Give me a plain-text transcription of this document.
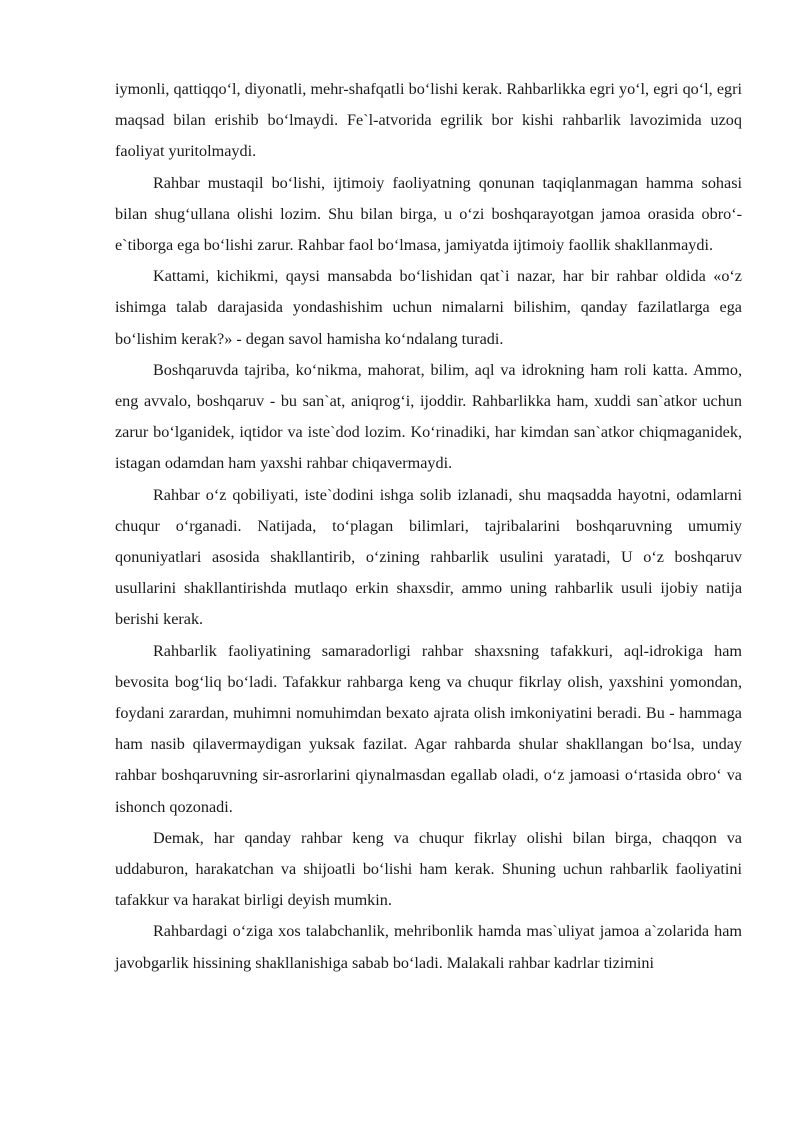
iymonli, qattiqqo‘l, diyonatli, mehr-shafqatli bo‘lishi kerak. Rahbarlikka egri yo‘l, egri qo‘l, egri maqsad bilan erishib bo‘lmaydi. Fe`l-atvorida egrilik bor kishi rahbarlik lavozimida uzoq faoliyat yuritolmaydi.

Rahbar mustaqil bo‘lishi, ijtimoiy faoliyatning qonunan taqiqlanmagan hamma sohasi bilan shug‘ullana olishi lozim. Shu bilan birga, u o‘zi boshqarayotgan jamoa orasida obro‘-e`tiborga ega bo‘lishi zarur. Rahbar faol bo‘lmasa, jamiyatda ijtimoiy faollik shakllanmaydi.

Kattami, kichikmi, qaysi mansabda bo‘lishidan qat`i nazar, har bir rahbar oldida «o‘z ishimga talab darajasida yondashishim uchun nimalarni bilishim, qanday fazilatlarga ega bo‘lishim kerak?» - degan savol hamisha ko‘ndalang turadi.

Boshqaruvda tajriba, ko‘nikma, mahorat, bilim, aql va idrokning ham roli katta. Ammo, eng avvalo, boshqaruv - bu san`at, aniqrog‘i, ijoddir. Rahbarlikka ham, xuddi san`atkor uchun zarur bo‘lganidek, iqtidor va iste`dod lozim. Ko‘rinadiki, har kimdan san`atkor chiqmaganidek, istagan odamdan ham yaxshi rahbar chiqavermaydi.

Rahbar o‘z qobiliyati, iste`dodini ishga solib izlanadi, shu maqsadda hayotni, odamlarni chuqur o‘rganadi. Natijada, to‘plagan bilimlari, tajribalarini boshqaruvning umumiy qonuniyatlari asosida shakllantirib, o‘zining rahbarlik usulini yaratadi, U o‘z boshqaruv usullarini shakllantirishda mutlaqo erkin shaxsdir, ammo uning rahbarlik usuli ijobiy natija berishi kerak.

Rahbarlik faoliyatining samaradorligi rahbar shaxsning tafakkuri, aql-idrokiga ham bevosita bog‘liq bo‘ladi. Tafakkur rahbarga keng va chuqur fikrlay olish, yaxshini yomondan, foydani zarardan, muhimni nomuhimdan bexato ajrata olish imkoniyatini beradi. Bu - hammaga ham nasib qilavermaydigan yuksak fazilat. Agar rahbarda shular shakllangan bo‘lsa, unday rahbar boshqaruvning sir-asrorlarini qiynalmasdan egallab oladi, o‘z jamoasi o‘rtasida obro‘ va ishonch qozonadi.

Demak, har qanday rahbar keng va chuqur fikrlay olishi bilan birga, chaqqon va uddaburon, harakatchan va shijoatli bo‘lishi ham kerak. Shuning uchun rahbarlik faoliyatini tafakkur va harakat birligi deyish mumkin.

Rahbardagi o‘ziga xos talabchanlik, mehribonlik hamda mas`uliyat jamoa a`zolarida ham javobgarlik hissining shakllanishiga sabab bo‘ladi. Malakali rahbar kadrlar tizimini
